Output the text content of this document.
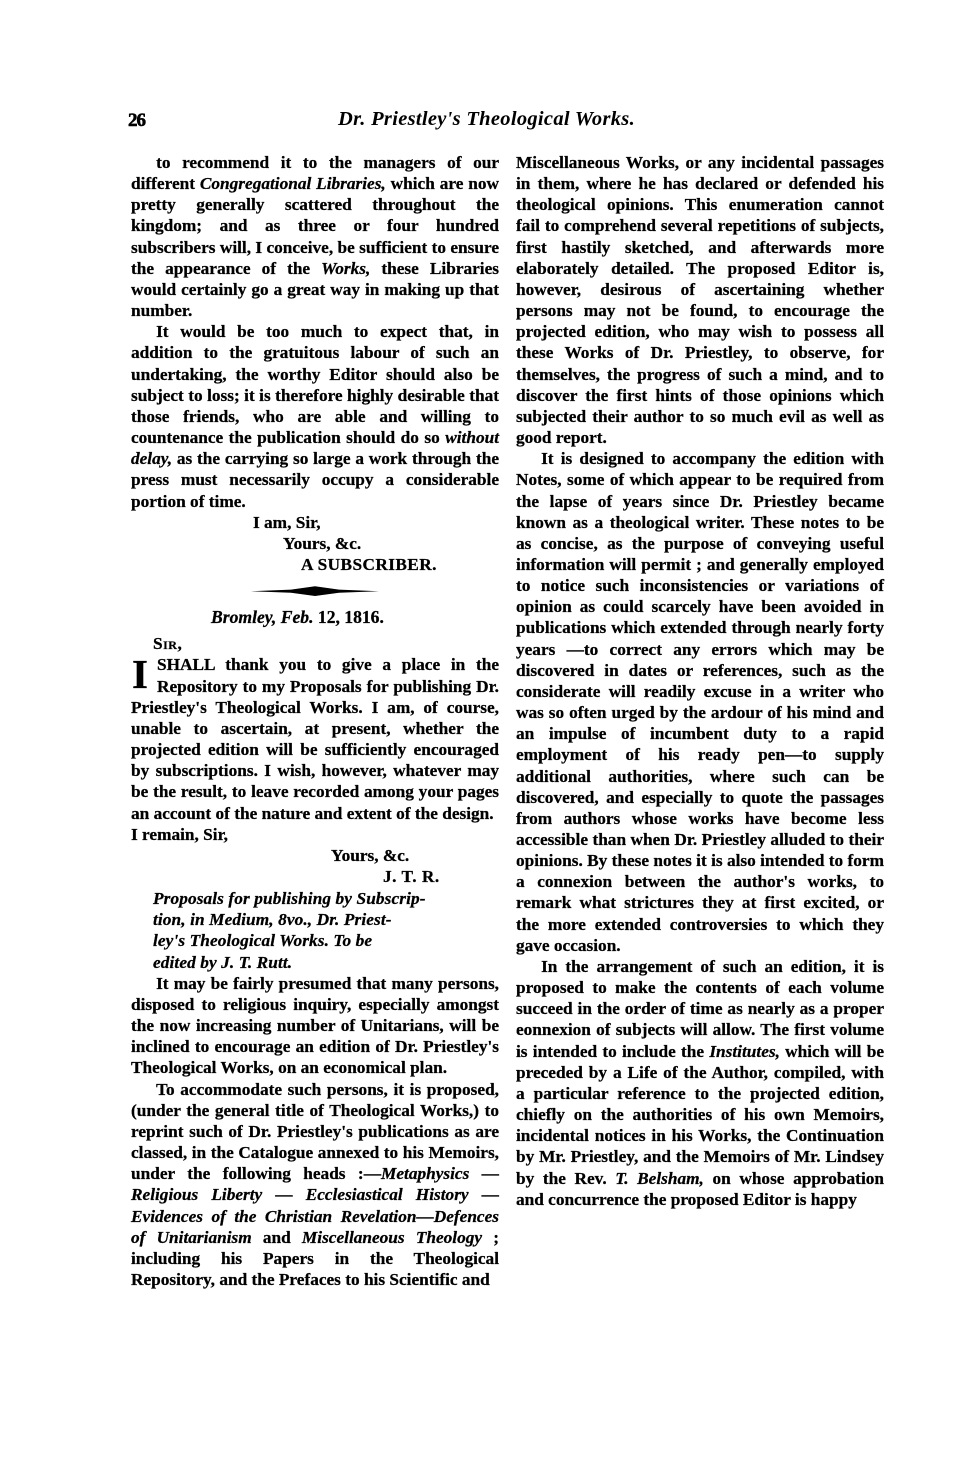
26	Dr. Priestley's Theological Works.

to recommend it to the managers of our different Congregational Libraries, which are now pretty generally scattered throughout the kingdom; and as three or four hundred subscribers will, I conceive, be sufficient to ensure the appearance of the Works, these Libraries would certainly go a great way in making up that number.

It would be too much to expect that, in addition to the gratuitous labour of such an undertaking, the worthy Editor should also be subject to loss; it is therefore highly desirable that those friends, who are able and willing to countenance the publication should do so without delay, as the carrying so large a work through the press must necessarily occupy a considerable portion of time.

I am, Sir,

Yours, &c.

A SUBSCRIBER.

Bromley, Feb. 12, 1816.

Sir,

ISHALL thank you to give a place in the Repository to my Proposals for publishing Dr. Priestley's Theological Works. I am, of course, unable to ascertain, at present, whether the projected edition will be sufficiently encouraged by subscriptions. I wish, however, whatever may be the result, to leave recorded among your pages an account of the nature and extent of the design.

I remain, Sir,

Yours, &c.

J. T. R.

Proposals for publishing by Subscrip-
tion, in Medium, 8vo., Dr. Priest-
ley's Theological Works. To be
edited by J. T. Rutt.

It may be fairly presumed that many persons, disposed to religious inquiry, especially amongst the now increasing number of Unitarians, will be inclined to encourage an edition of Dr. Priestley's Theological Works, on an economical plan.

To accommodate such persons, it is proposed, (under the general title of Theological Works,) to reprint such of Dr. Priestley's publications as are classed, in the Catalogue annexed to his Memoirs, under the following heads :—Metaphysics — Religious Liberty — Ecclesiastical History — Evidences of the Christian Revelation—Defences of Unitarianism and Miscellaneous Theology ; including his Papers in the Theological Repository, and the Prefaces to his Scientific and

Miscellaneous Works, or any incidental passages in them, where he has declared or defended his theological opinions. This enumeration cannot fail to comprehend several repetitions of subjects, first hastily sketched, and afterwards more elaborately detailed. The proposed Editor is, however, desirous of ascertaining whether persons may not be found, to encourage the projected edition, who may wish to possess all these Works of Dr. Priestley, to observe, for themselves, the progress of such a mind, and to discover the first hints of those opinions which subjected their author to so much evil as well as good report.

It is designed to accompany the edition with Notes, some of which appear to be required from the lapse of years since Dr. Priestley became known as a theological writer. These notes to be as concise, as the purpose of conveying useful information will permit ; and generally employed to notice such inconsistencies or variations of opinion as could scarcely have been avoided in publications which extended through nearly forty years —to correct any errors which may be discovered in dates or references, such as the considerate will readily excuse in a writer who was so often urged by the ardour of his mind and an impulse of incumbent duty to a rapid employment of his ready pen—to supply additional authorities, where such can be discovered, and especially to quote the passages from authors whose works have become less accessible than when Dr. Priestley alluded to their opinions. By these notes it is also intended to form a connexion between the author's works, to remark what strictures they at first excited, or the more extended controversies to which they gave occasion.

In the arrangement of such an edition, it is proposed to make the contents of each volume succeed in the order of time as nearly as a proper eonnexion of subjects will allow. The first volume is intended to include the Institutes, which will be preceded by a Life of the Author, compiled, with a particular reference to the projected edition, chiefly on the authorities of his own Memoirs, incidental notices in his Works, the Continuation by Mr. Priestley, and the Memoirs of Mr. Lindsey by the Rev. T. Belsham, on whose approbation and concurrence the proposed Editor is happy
